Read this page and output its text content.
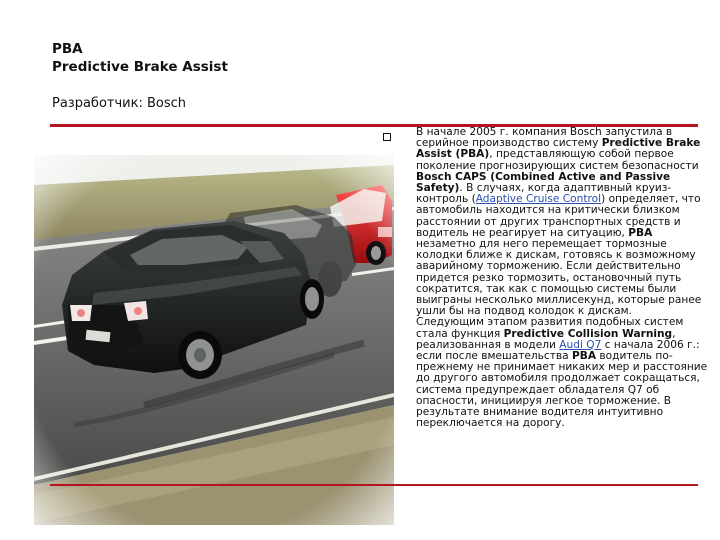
PBA
Predictive Brake Assist
Разработчик: Bosch
В начале 2005 г. компания Bosch запустила в серийное производство систему Predictive Brake Assist (PBA), представляющую собой первое поколение прогнозирующих систем безопасности Bosch CAPS (Combined Active and Passive Safety). В случаях, когда адаптивный круиз-контроль (Adaptive Cruise Control) определяет, что автомобиль находится на критически близком расстоянии от других транспортных средств и водитель не реагирует на ситуацию, PBA незаметно для него перемещает тормозные колодки ближе к дискам, готовясь к возможному аварийному торможению. Если действительно придется резко тормозить, остановочный путь сократится, так как с помощью системы были выиграны несколько миллисекунд, которые ранее ушли бы на подвод колодок к дискам.
Следующим этапом развития подобных систем стала функция Predictive Collision Warning, реализованная в модели Audi Q7 с начала 2006 г.: если после вмешательства PBA водитель по-прежнему не принимает никаких мер и расстояние до другого автомобиля продолжает сокращаться, система предупреждает обладателя Q7 об опасности, инициируя легкое торможение. В результате внимание водителя интуитивно переключается на дорогу.
